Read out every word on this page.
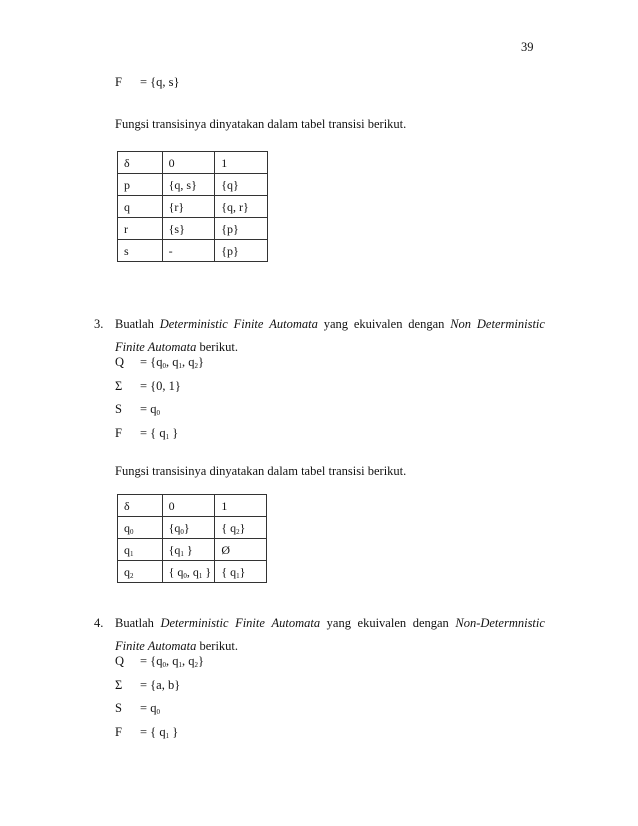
39
F = {q, s}
Fungsi transisinya dinyatakan dalam tabel transisi berikut.
δ	0	1
p	{q, s}	{q}
q	{r}	{q, r}
r	{s}	{p}
s	-	{p}
3. Buatlah Deterministic Finite Automata yang ekuivalen dengan Non Deterministic
Finite Automata berikut.
$Q = \{q_0$, $q_1$, $q_2$}
Σ = {0, 1}
$S = q_0$
F = { $q_1$ }
Fungsi transisinya dinyatakan dalam tabel transisi berikut.
δ	0	1
$q_0$	$\{q_0\}$	{ $q_2$}
$q_1$	{$q_1$ }	Ø
$q_2$	{ $q_0$, $q_1$ }	{ $q_1$}
4. Buatlah Deterministic Finite Automata yang ekuivalen dengan Non-Determnistic
Finite Automata berikut.
$Q = \{q_0$, $q_1$, $q_2$}
Σ = {a, b}
$S = q_0$
F = { $q_1$ }
